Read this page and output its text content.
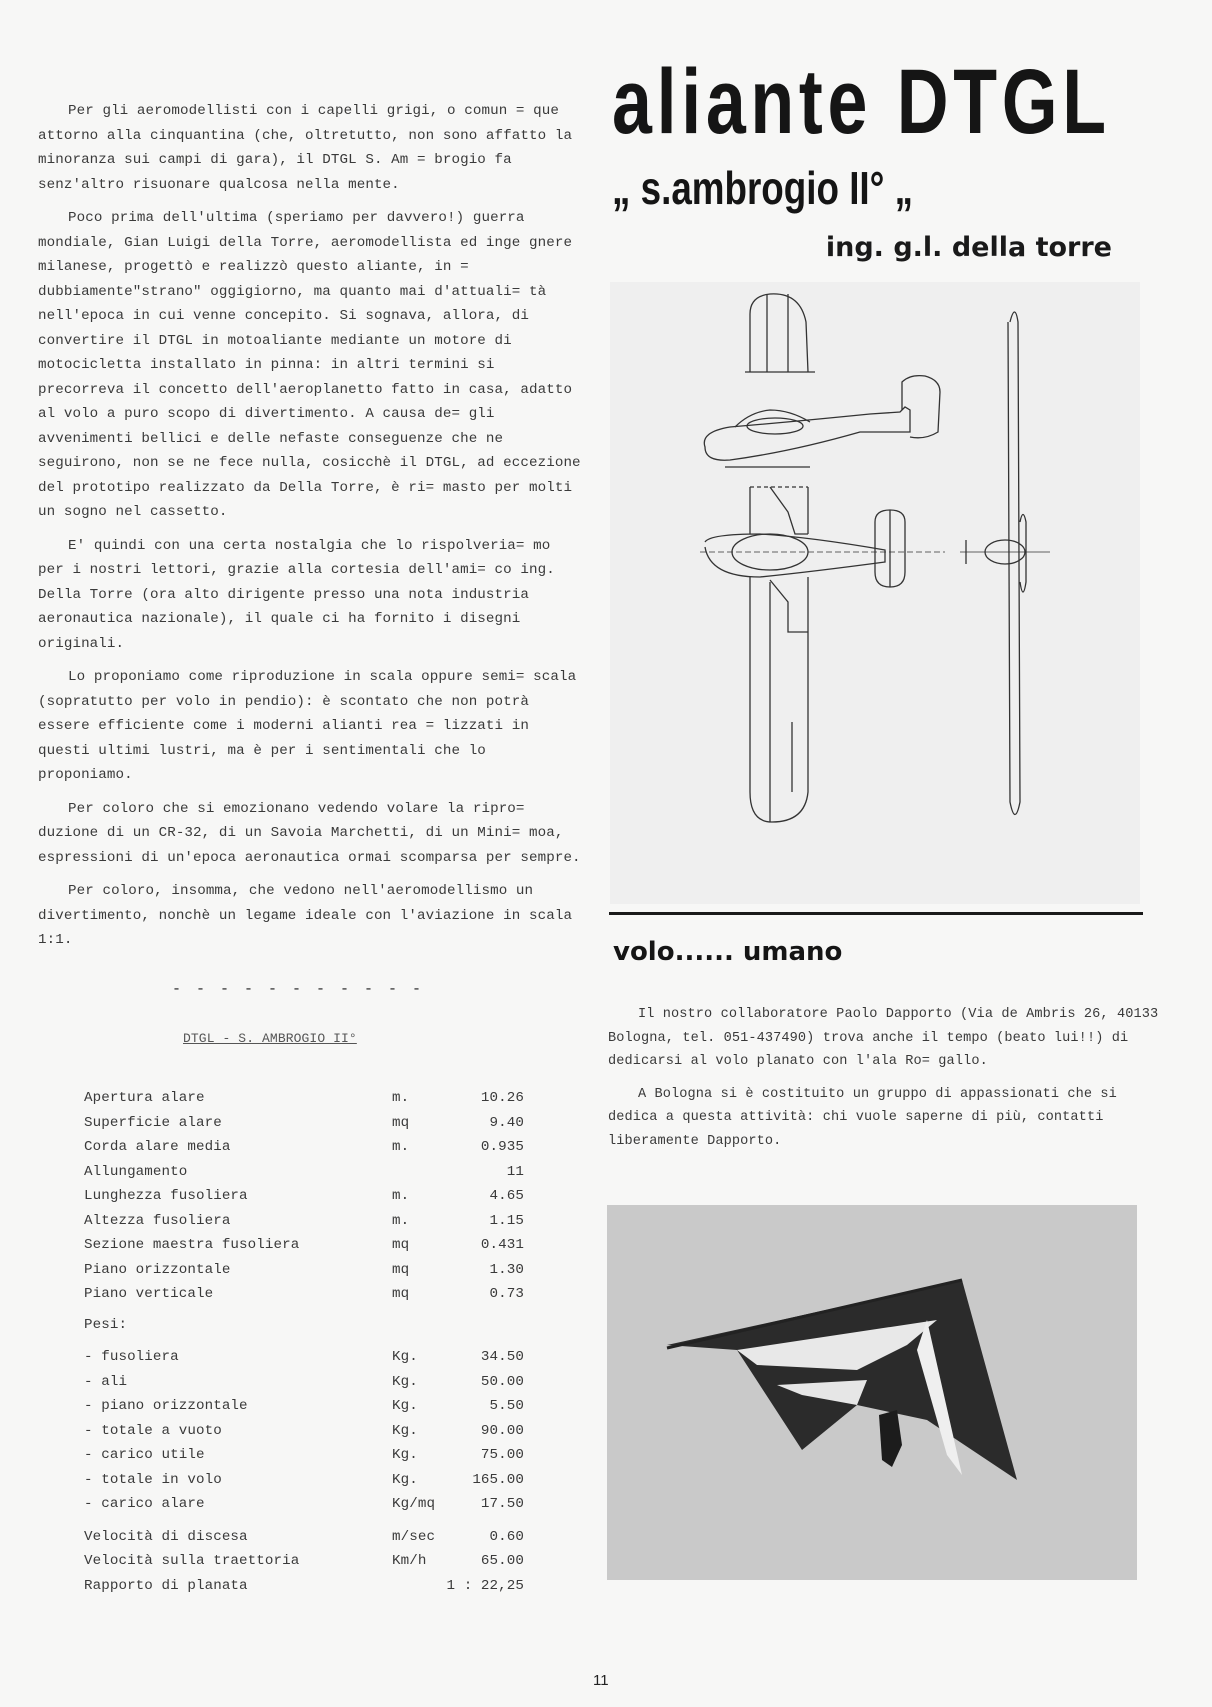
Per gli aeromodellisti con i capelli grigi, o comun = que attorno alla cinquantina (che, oltretutto, non sono affatto la minoranza sui campi di gara), il DTGL S. Am = brogio fa senz'altro risuonare qualcosa nella mente.

Poco prima dell'ultima (speriamo per davvero!) guerra mondiale, Gian Luigi della Torre, aeromodellista ed inge gnere milanese, progettò e realizzò questo aliante, in = dubbiamente"strano" oggigiorno, ma quanto mai d'attuali= tà nell'epoca in cui venne concepito. Si sognava, allora, di convertire il DTGL in motoaliante mediante un motore di motocicletta installato in pinna: in altri termini si precorreva il concetto dell'aeroplanetto fatto in casa, adatto al volo a puro scopo di divertimento. A causa de= gli avvenimenti bellici e delle nefaste conseguenze che ne seguirono, non se ne fece nulla, cosicchè il DTGL, ad eccezione del prototipo realizzato da Della Torre, è ri= masto per molti un sogno nel cassetto.

E' quindi con una certa nostalgia che lo rispolveria= mo per i nostri lettori, grazie alla cortesia dell'ami= co ing. Della Torre (ora alto dirigente presso una nota industria aeronautica nazionale), il quale ci ha fornito i disegni originali.

Lo proponiamo come riproduzione in scala oppure semi= scala (sopratutto per volo in pendio): è scontato che non potrà essere efficiente come i moderni alianti rea = lizzati in questi ultimi lustri, ma è per i sentimentali che lo proponiamo.

Per coloro che si emozionano vedendo volare la ripro= duzione di un CR-32, di un Savoia Marchetti, di un Mini= moa, espressioni di un'epoca aeronautica ormai scomparsa per sempre.

Per coloro, insomma, che vedono nell'aeromodellismo un divertimento, nonchè un legame ideale con l'aviazione in scala 1:1.

- - - - - - - - - - -
DTGL - S. AMBROGIO II°
Apertura alare	m.	10.26
Superficie alare	mq	9.40
Corda alare media	m.	0.935
Allungamento	11
Lunghezza fusoliera	m.	4.65
Altezza fusoliera	m.	1.15
Sezione maestra fusoliera	mq	0.431
Piano orizzontale	mq	1.30
Piano verticale	mq	0.73
Pesi:
- fusoliera	Kg.	34.50
- ali	Kg.	50.00
- piano orizzontale	Kg.	5.50
- totale a vuoto	Kg.	90.00
- carico utile	Kg.	75.00
- totale in volo	Kg.	165.00
- carico alare	Kg/mq	17.50
Velocità di discesa	m/sec	0.60
Velocità sulla traettoria	Km/h	65.00
Rapporto di planata	1 : 22,25
aliante DTGL
„ s.ambrogio II° „
ing. g.l. della torre
volo...... umano

Il nostro collaboratore Paolo Dapporto (Via de Ambris 26, 40133 Bologna, tel. 051-437490) trova anche il tempo (beato lui!!) di dedicarsi al volo planato con l'ala Ro= gallo.

A Bologna si è costituito un gruppo di appassionati che si dedica a questa attività: chi vuole saperne di più, contatti liberamente Dapporto.

11
